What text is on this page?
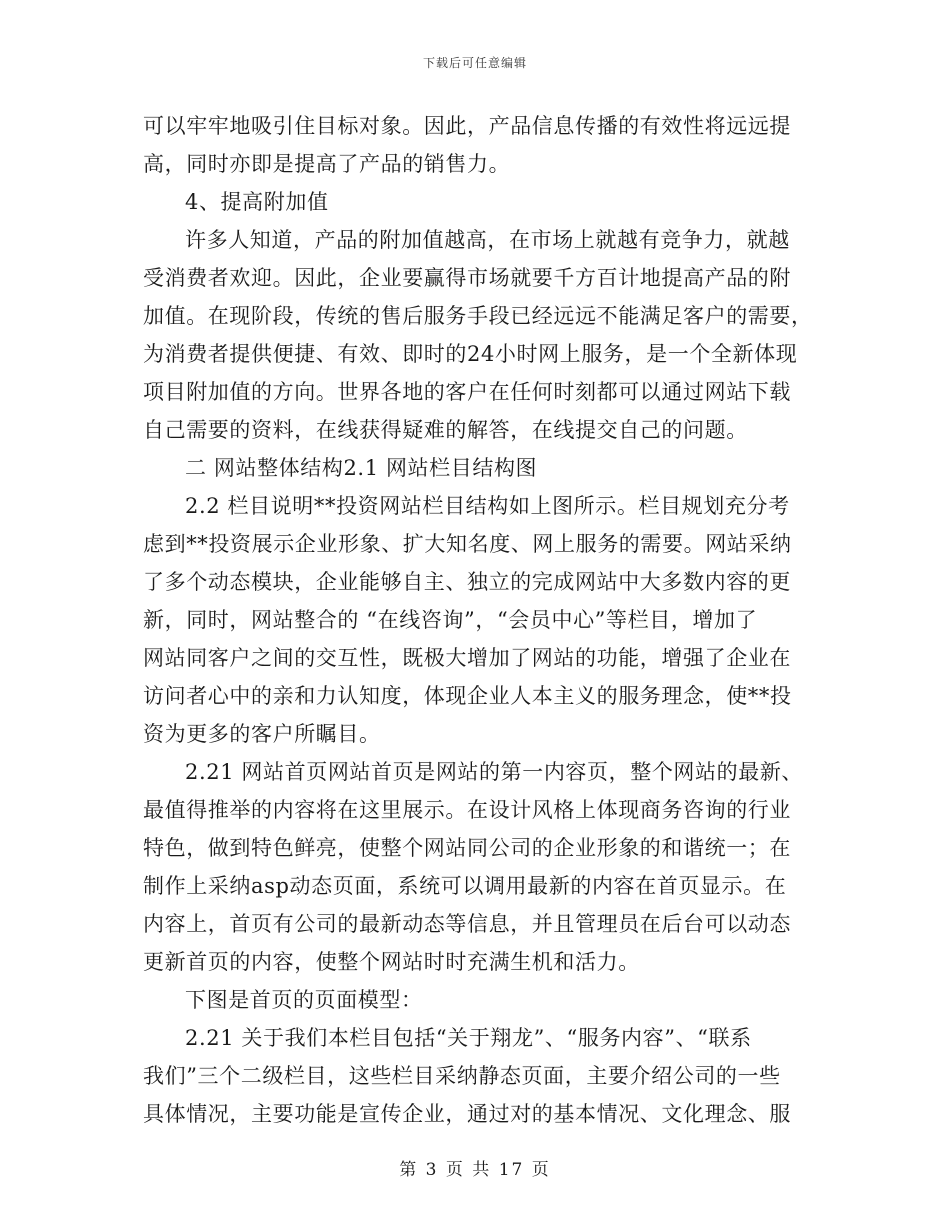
下载后可任意编辑
可以牢牢地吸引住目标对象。因此，产品信息传播的有效性将远远提
高，同时亦即是提高了产品的销售力。
4、提高附加值
许多人知道，产品的附加值越高，在市场上就越有竞争力，就越
受消费者欢迎。因此，企业要赢得市场就要千方百计地提高产品的附
加值。在现阶段，传统的售后服务手段已经远远不能满足客户的需要，
为消费者提供便捷、有效、即时的24小时网上服务，是一个全新体现
项目附加值的方向。世界各地的客户在任何时刻都可以通过网站下载
自己需要的资料，在线获得疑难的解答，在线提交自己的问题。
二 网站整体结构2.1 网站栏目结构图
2.2 栏目说明**投资网站栏目结构如上图所示。栏目规划充分考
虑到**投资展示企业形象、扩大知名度、网上服务的需要。网站采纳
了多个动态模块，企业能够自主、独立的完成网站中大多数内容的更
新，同时，网站整合的 “在线咨询”，“会员中心”等栏目，增加了
网站同客户之间的交互性，既极大增加了网站的功能，增强了企业在
访问者心中的亲和力认知度，体现企业人本主义的服务理念，使**投
资为更多的客户所瞩目。
2.21 网站首页网站首页是网站的第一内容页，整个网站的最新、
最值得推举的内容将在这里展示。在设计风格上体现商务咨询的行业
特色，做到特色鲜亮，使整个网站同公司的企业形象的和谐统一；在
制作上采纳asp动态页面，系统可以调用最新的内容在首页显示。在
内容上，首页有公司的最新动态等信息，并且管理员在后台可以动态
更新首页的内容，使整个网站时时充满生机和活力。
下图是首页的页面模型：
2.21 关于我们本栏目包括“关于翔龙”、“服务内容”、“联系
我们”三个二级栏目，这些栏目采纳静态页面，主要介绍公司的一些
具体情况，主要功能是宣传企业，通过对的基本情况、文化理念、服
第 3 页 共 17 页
